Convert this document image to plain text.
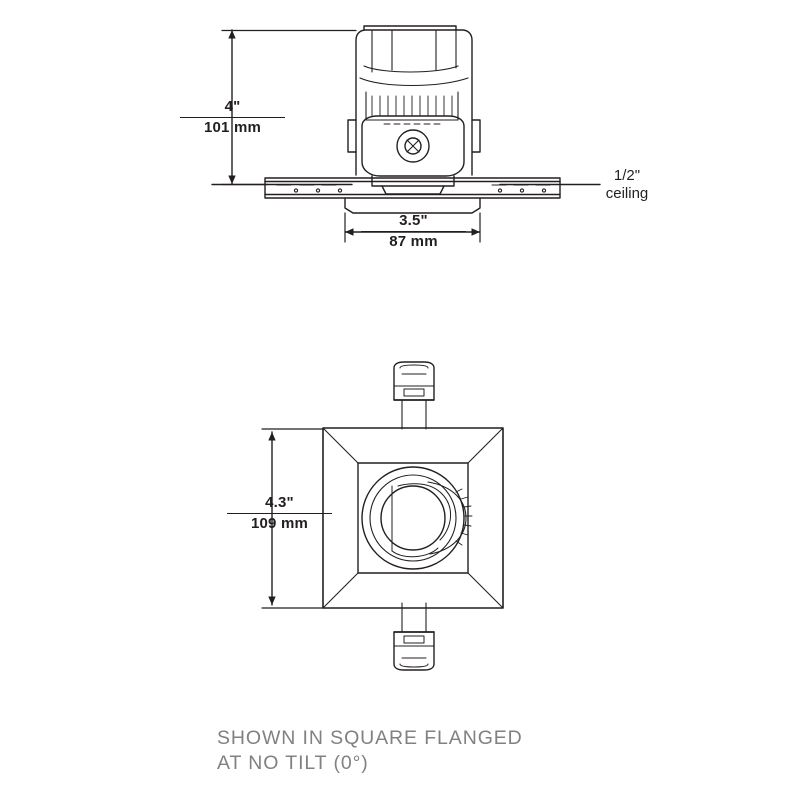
4"
101 mm
3.5"
87 mm
1/2"
ceiling
4.3"
109 mm
SHOWN IN SQUARE FLANGED
AT NO TILT (0°)
